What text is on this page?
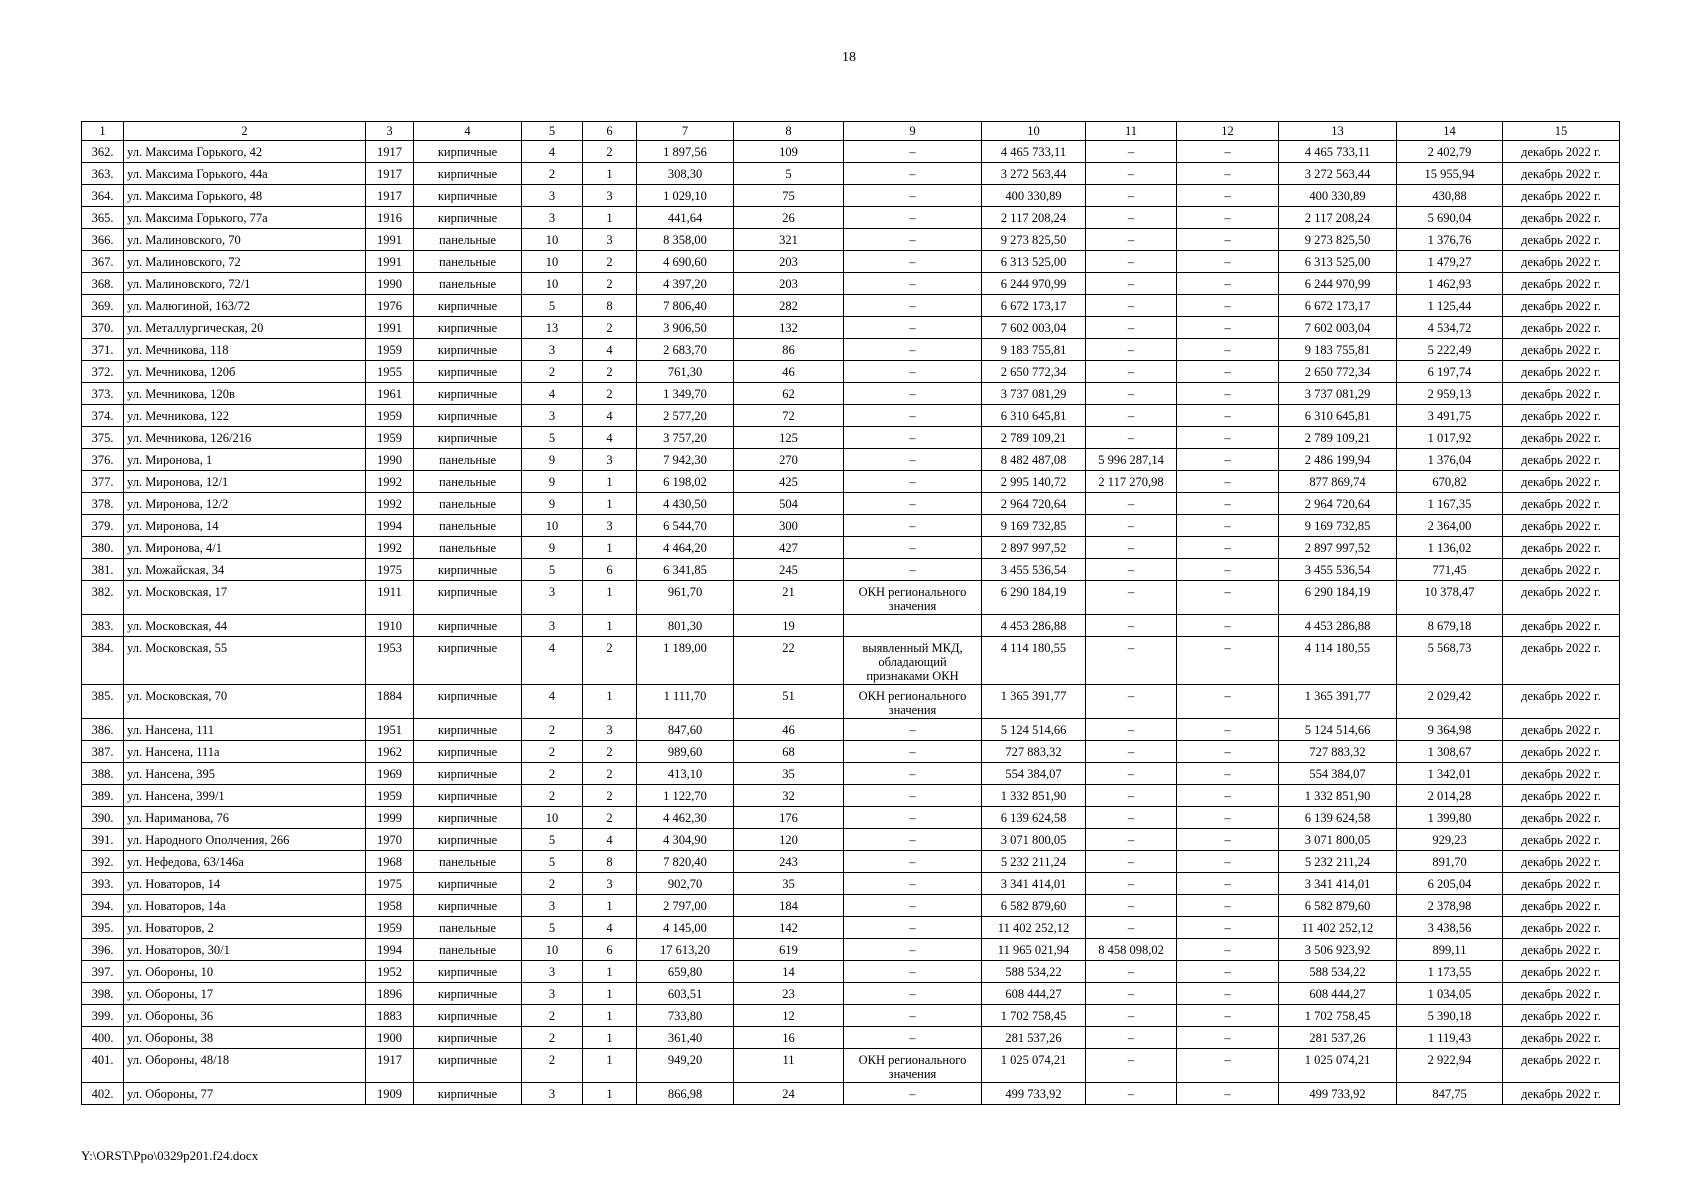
18
1	2	3	4	5	6	7	8	9	10	11	12	13	14	15
362.	ул. Максима Горького, 42	1917	кирпичные	4	2	1 897,56	109	–	4 465 733,11	–	–	4 465 733,11	2 402,79	декабрь 2022 г.
363.	ул. Максима Горького, 44а	1917	кирпичные	2	1	308,30	5	–	3 272 563,44	–	–	3 272 563,44	15 955,94	декабрь 2022 г.
364.	ул. Максима Горького, 48	1917	кирпичные	3	3	1 029,10	75	–	400 330,89	–	–	400 330,89	430,88	декабрь 2022 г.
365.	ул. Максима Горького, 77а	1916	кирпичные	3	1	441,64	26	–	2 117 208,24	–	–	2 117 208,24	5 690,04	декабрь 2022 г.
366.	ул. Малиновского, 70	1991	панельные	10	3	8 358,00	321	–	9 273 825,50	–	–	9 273 825,50	1 376,76	декабрь 2022 г.
367.	ул. Малиновского, 72	1991	панельные	10	2	4 690,60	203	–	6 313 525,00	–	–	6 313 525,00	1 479,27	декабрь 2022 г.
368.	ул. Малиновского, 72/1	1990	панельные	10	2	4 397,20	203	–	6 244 970,99	–	–	6 244 970,99	1 462,93	декабрь 2022 г.
369.	ул. Малюгиной, 163/72	1976	кирпичные	5	8	7 806,40	282	–	6 672 173,17	–	–	6 672 173,17	1 125,44	декабрь 2022 г.
370.	ул. Металлургическая, 20	1991	кирпичные	13	2	3 906,50	132	–	7 602 003,04	–	–	7 602 003,04	4 534,72	декабрь 2022 г.
371.	ул. Мечникова, 118	1959	кирпичные	3	4	2 683,70	86	–	9 183 755,81	–	–	9 183 755,81	5 222,49	декабрь 2022 г.
372.	ул. Мечникова, 120б	1955	кирпичные	2	2	761,30	46	–	2 650 772,34	–	–	2 650 772,34	6 197,74	декабрь 2022 г.
373.	ул. Мечникова, 120в	1961	кирпичные	4	2	1 349,70	62	–	3 737 081,29	–	–	3 737 081,29	2 959,13	декабрь 2022 г.
374.	ул. Мечникова, 122	1959	кирпичные	3	4	2 577,20	72	–	6 310 645,81	–	–	6 310 645,81	3 491,75	декабрь 2022 г.
375.	ул. Мечникова, 126/216	1959	кирпичные	5	4	3 757,20	125	–	2 789 109,21	–	–	2 789 109,21	1 017,92	декабрь 2022 г.
376.	ул. Миронова, 1	1990	панельные	9	3	7 942,30	270	–	8 482 487,08	5 996 287,14	–	2 486 199,94	1 376,04	декабрь 2022 г.
377.	ул. Миронова, 12/1	1992	панельные	9	1	6 198,02	425	–	2 995 140,72	2 117 270,98	–	877 869,74	670,82	декабрь 2022 г.
378.	ул. Миронова, 12/2	1992	панельные	9	1	4 430,50	504	–	2 964 720,64	–	–	2 964 720,64	1 167,35	декабрь 2022 г.
379.	ул. Миронова, 14	1994	панельные	10	3	6 544,70	300	–	9 169 732,85	–	–	9 169 732,85	2 364,00	декабрь 2022 г.
380.	ул. Миронова, 4/1	1992	панельные	9	1	4 464,20	427	–	2 897 997,52	–	–	2 897 997,52	1 136,02	декабрь 2022 г.
381.	ул. Можайская, 34	1975	кирпичные	5	6	6 341,85	245	–	3 455 536,54	–	–	3 455 536,54	771,45	декабрь 2022 г.
382.	ул. Московская, 17	1911	кирпичные	3	1	961,70	21	ОКН регионального значения	6 290 184,19	–	–	6 290 184,19	10 378,47	декабрь 2022 г.
383.	ул. Московская, 44	1910	кирпичные	3	1	801,30	19		4 453 286,88	–	–	4 453 286,88	8 679,18	декабрь 2022 г.
384.	ул. Московская, 55	1953	кирпичные	4	2	1 189,00	22	выявленный МКД, обладающий признаками ОКН	4 114 180,55	–	–	4 114 180,55	5 568,73	декабрь 2022 г.
385.	ул. Московская, 70	1884	кирпичные	4	1	1 111,70	51	ОКН регионального значения	1 365 391,77	–	–	1 365 391,77	2 029,42	декабрь 2022 г.
386.	ул. Нансена, 111	1951	кирпичные	2	3	847,60	46	–	5 124 514,66	–	–	5 124 514,66	9 364,98	декабрь 2022 г.
387.	ул. Нансена, 111а	1962	кирпичные	2	2	989,60	68	–	727 883,32	–	–	727 883,32	1 308,67	декабрь 2022 г.
388.	ул. Нансена, 395	1969	кирпичные	2	2	413,10	35	–	554 384,07	–	–	554 384,07	1 342,01	декабрь 2022 г.
389.	ул. Нансена, 399/1	1959	кирпичные	2	2	1 122,70	32	–	1 332 851,90	–	–	1 332 851,90	2 014,28	декабрь 2022 г.
390.	ул. Нариманова, 76	1999	кирпичные	10	2	4 462,30	176	–	6 139 624,58	–	–	6 139 624,58	1 399,80	декабрь 2022 г.
391.	ул. Народного Ополчения, 266	1970	кирпичные	5	4	4 304,90	120	–	3 071 800,05	–	–	3 071 800,05	929,23	декабрь 2022 г.
392.	ул. Нефедова, 63/146а	1968	панельные	5	8	7 820,40	243	–	5 232 211,24	–	–	5 232 211,24	891,70	декабрь 2022 г.
393.	ул. Новаторов, 14	1975	кирпичные	2	3	902,70	35	–	3 341 414,01	–	–	3 341 414,01	6 205,04	декабрь 2022 г.
394.	ул. Новаторов, 14а	1958	кирпичные	3	1	2 797,00	184	–	6 582 879,60	–	–	6 582 879,60	2 378,98	декабрь 2022 г.
395.	ул. Новаторов, 2	1959	панельные	5	4	4 145,00	142	–	11 402 252,12	–	–	11 402 252,12	3 438,56	декабрь 2022 г.
396.	ул. Новаторов, 30/1	1994	панельные	10	6	17 613,20	619	–	11 965 021,94	8 458 098,02	–	3 506 923,92	899,11	декабрь 2022 г.
397.	ул. Обороны, 10	1952	кирпичные	3	1	659,80	14	–	588 534,22	–	–	588 534,22	1 173,55	декабрь 2022 г.
398.	ул. Обороны, 17	1896	кирпичные	3	1	603,51	23	–	608 444,27	–	–	608 444,27	1 034,05	декабрь 2022 г.
399.	ул. Обороны, 36	1883	кирпичные	2	1	733,80	12	–	1 702 758,45	–	–	1 702 758,45	5 390,18	декабрь 2022 г.
400.	ул. Обороны, 38	1900	кирпичные	2	1	361,40	16	–	281 537,26	–	–	281 537,26	1 119,43	декабрь 2022 г.
401.	ул. Обороны, 48/18	1917	кирпичные	2	1	949,20	11	ОКН регионального значения	1 025 074,21	–	–	1 025 074,21	2 922,94	декабрь 2022 г.
402.	ул. Обороны, 77	1909	кирпичные	3	1	866,98	24	–	499 733,92	–	–	499 733,92	847,75	декабрь 2022 г.
Y:\ORST\Ppo\0329p201.f24.docx
